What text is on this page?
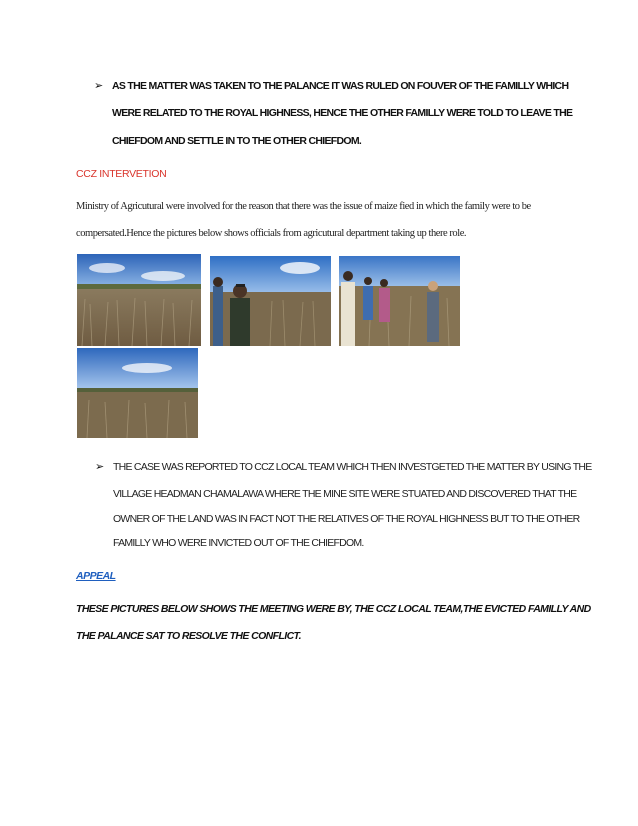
➢ AS THE MATTER WAS TAKEN TO THE PALANCE IT WAS RULED ON FOUVER OF THE FAMILLY WHICH
WERE RELATED TO THE ROYAL HIGHNESS, HENCE THE OTHER FAMILLY WERE TOLD TO LEAVE THE
CHIEFDOM AND SETTLE IN TO THE OTHER CHIEFDOM.
CCZ INTERVETION
Ministry of Agricutural were involved for the reason that there was the issue of maize fied in which the family were to be
compersated.Hence the pictures below shows officials from agricutural department taking up there role.
➢ THE CASE WAS REPORTED TO CCZ LOCAL TEAM WHICH THEN INVESTGETED THE MATTER BY USING THE
VILLAGE HEADMAN CHAMALAWA WHERE THE MINE SITE WERE STUATED AND DISCOVERED THAT THE
OWNER OF THE LAND WAS IN FACT NOT THE RELATIVES OF THE ROYAL HIGHNESS BUT TO THE OTHER
FAMILLY WHO WERE INVICTED OUT OF THE CHIEFDOM.
APPEAL
THESE PICTURES BELOW SHOWS THE MEETING WERE BY, THE CCZ LOCAL TEAM,THE EVICTED FAMILLY AND
THE PALANCE SAT TO RESOLVE THE CONFLICT.
